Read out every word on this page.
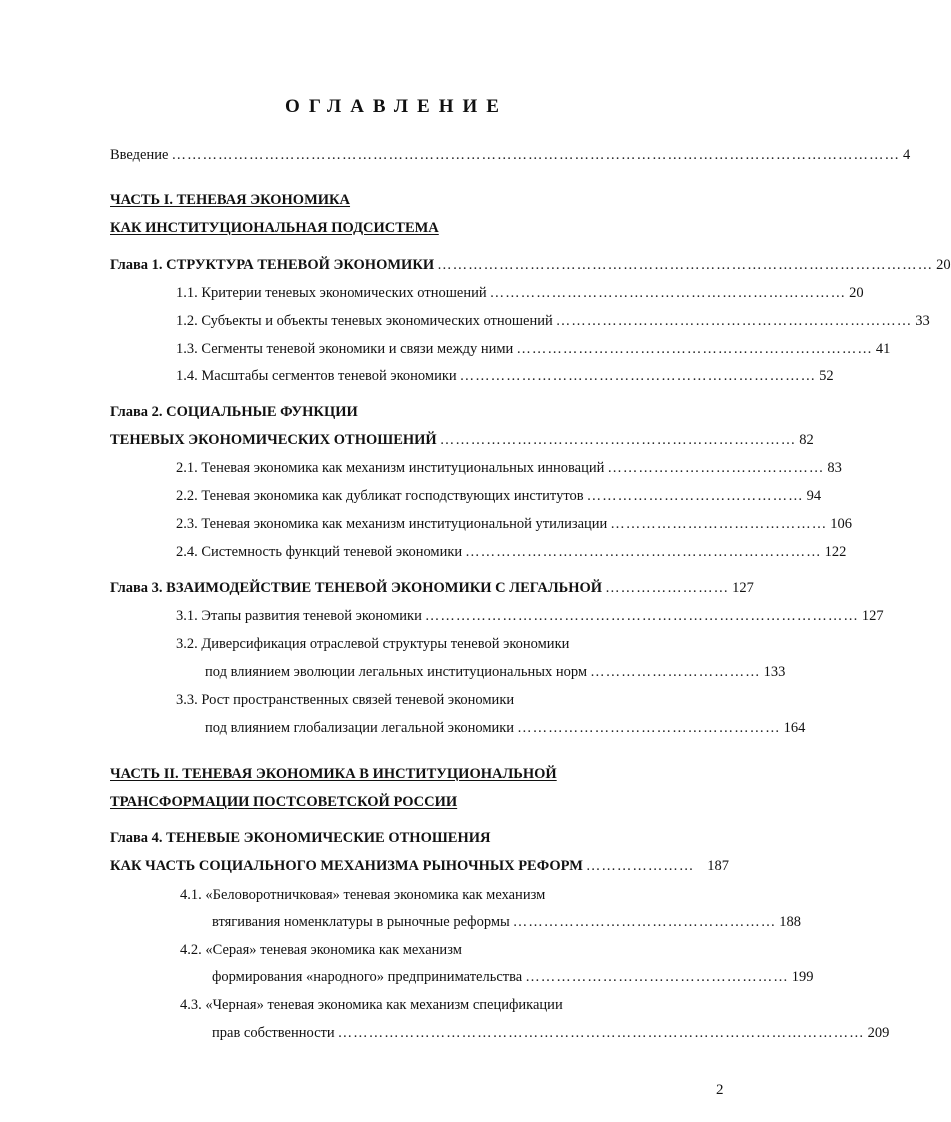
ОГЛАВЛЕНИЕ
Введение …………………………………………………………………………………………………………………………… 4
ЧАСТЬ I. ТЕНЕВАЯ ЭКОНОМИКА
КАК ИНСТИТУЦИОНАЛЬНАЯ ПОДСИСТЕМА
Глава 1. СТРУКТУРА ТЕНЕВОЙ ЭКОНОМИКИ …………………………………………………………………………………… 20
1.1. Критерии теневых экономических отношений …………………………………………………………… 20
1.2. Субъекты и объекты теневых экономических отношений …………………………………………………………… 33
1.3. Сегменты теневой экономики и связи между ними …………………………………………………………… 41
1.4. Масштабы сегментов теневой экономики …………………………………………………………… 52
Глава 2. СОЦИАЛЬНЫЕ ФУНКЦИИ
ТЕНЕВЫХ ЭКОНОМИЧЕСКИХ ОТНОШЕНИЙ …………………………………………………………… 82
2.1. Теневая экономика как механизм институциональных инноваций …………………………………… 83
2.2. Теневая экономика как дубликат господствующих институтов …………………………………… 94
2.3. Теневая экономика как механизм институциональной утилизации …………………………………… 106
2.4. Системность функций теневой экономики …………………………………………………………… 122
Глава 3. ВЗАИМОДЕЙСТВИЕ ТЕНЕВОЙ ЭКОНОМИКИ С ЛЕГАЛЬНОЙ …………………… 127
3.1. Этапы развития теневой экономики ………………………………………………………………………… 127
3.2. Диверсификация отраслевой структуры теневой экономики
под влиянием эволюции легальных институциональных норм …………………………… 133
3.3. Рост пространственных связей теневой экономики
под влиянием глобализации легальной экономики …………………………………………… 164
ЧАСТЬ II. ТЕНЕВАЯ ЭКОНОМИКА В ИНСТИТУЦИОНАЛЬНОЙ
ТРАНСФОРМАЦИИ ПОСТСОВЕТСКОЙ РОССИИ
Глава 4. ТЕНЕВЫЕ ЭКОНОМИЧЕСКИЕ ОТНОШЕНИЯ
КАК ЧАСТЬ СОЦИАЛЬНОГО МЕХАНИЗМА РЫНОЧНЫХ РЕФОРМ ………………… 187
4.1. «Беловоротничковая» теневая экономика как механизм
втягивания номенклатуры в рыночные реформы …………………………………………… 188
4.2. «Серая» теневая экономика как механизм
формирования «народного» предпринимательства …………………………………………… 199
4.3. «Черная» теневая экономика как механизм спецификации
прав собственности ………………………………………………………………………………………… 209
2
